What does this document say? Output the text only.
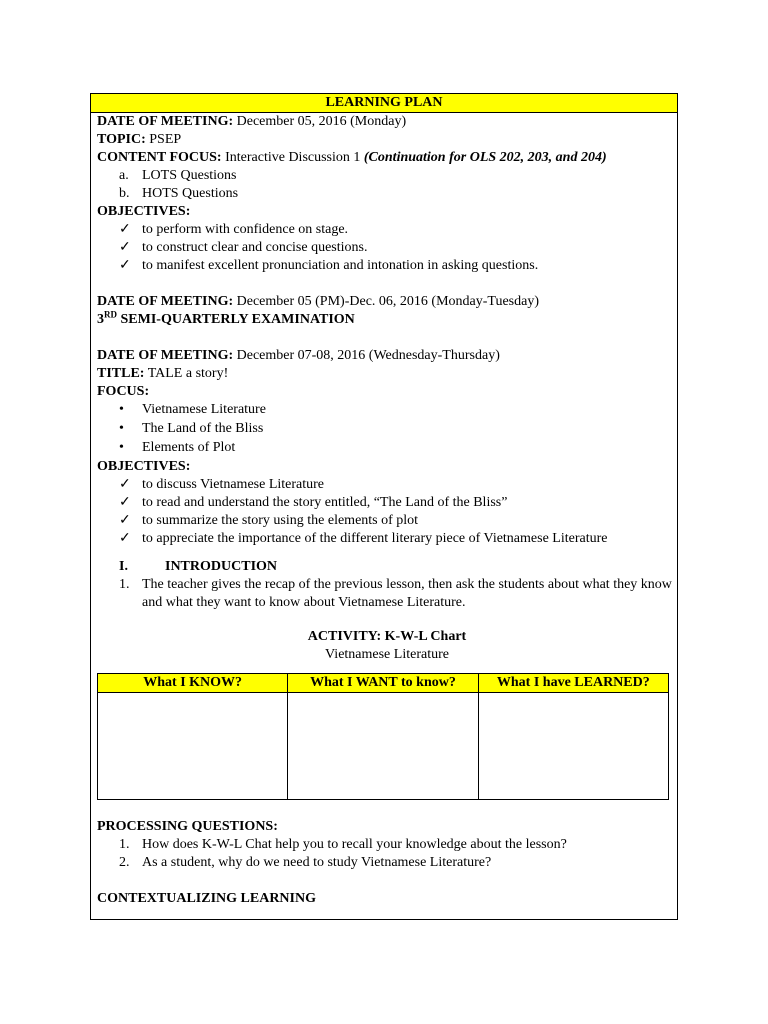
LEARNING PLAN
DATE OF MEETING: December 05, 2016 (Monday)
TOPIC: PSEP
CONTENT FOCUS: Interactive Discussion 1 (Continuation for OLS 202, 203, and 204)
a. LOTS Questions
b. HOTS Questions
OBJECTIVES:
✓ to perform with confidence on stage.
✓ to construct clear and concise questions.
✓ to manifest excellent pronunciation and intonation in asking questions.
DATE OF MEETING: December 05 (PM)-Dec. 06, 2016 (Monday-Tuesday)
3RD SEMI-QUARTERLY EXAMINATION
DATE OF MEETING: December 07-08, 2016 (Wednesday-Thursday)
TITLE: TALE a story!
FOCUS:
• Vietnamese Literature
• The Land of the Bliss
• Elements of Plot
OBJECTIVES:
✓ to discuss Vietnamese Literature
✓ to read and understand the story entitled, “The Land of the Bliss”
✓ to summarize the story using the elements of plot
✓ to appreciate the importance of the different literary piece of Vietnamese Literature
I.	INTRODUCTION
1. The teacher gives the recap of the previous lesson, then ask the students about what they know and what they want to know about Vietnamese Literature.
ACTIVITY: K-W-L Chart
Vietnamese Literature
What I KNOW?	What I WANT to know?	What I have LEARNED?

PROCESSING QUESTIONS:
1. How does K-W-L Chat help you to recall your knowledge about the lesson?
2. As a student, why do we need to study Vietnamese Literature?
CONTEXTUALIZING LEARNING
